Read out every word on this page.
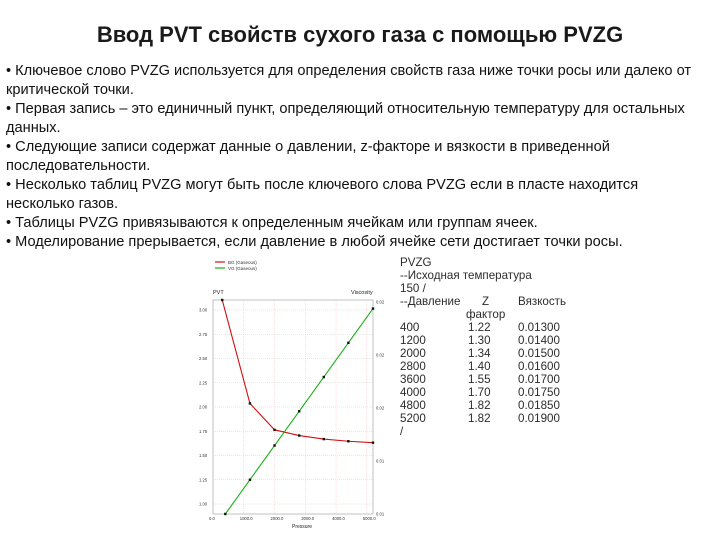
Ввод PVT свойств сухого газа с помощью PVZG

• Ключевое слово PVZG используется для определения свойств газа ниже точки росы или далеко от критической точки.

• Первая запись – это единичный пункт, определяющий относительную температуру для остальных данных.

• Следующие записи содержат данные о давлении, z-факторе и вязкости в приведенной последовательности.

• Несколько таблиц PVZG могут быть после ключевого слова PVZG если в пласте находится несколько газов.

• Таблицы PVZG привязываются к определенным ячейкам или группам ячеек.

• Моделирование прерывается, если давление в любой ячейке сети достигает точки росы.

BG (Gaseous)
VG (Gaseous)
PVT	Viscosity
Pressure
0.0	1000.0	2000.0	3000.0	4000.0	5000.0
3.00
2.75
2.50
2.25
2.00
1.75
1.50
1.25
1.00
0.02
0.02
0.02
0.01
0.01
PVZG
--Исходная температура
150 /
--Давление Z Вязкость
фактор
400	1.22 0.01300
1200	1.30 0.01400
2000	1.34 0.01500
2800	1.40 0.01600
3600	1.55 0.01700
4000	1.70 0.01750
4800	1.82 0.01850
5200	1.82 0.01900
/
